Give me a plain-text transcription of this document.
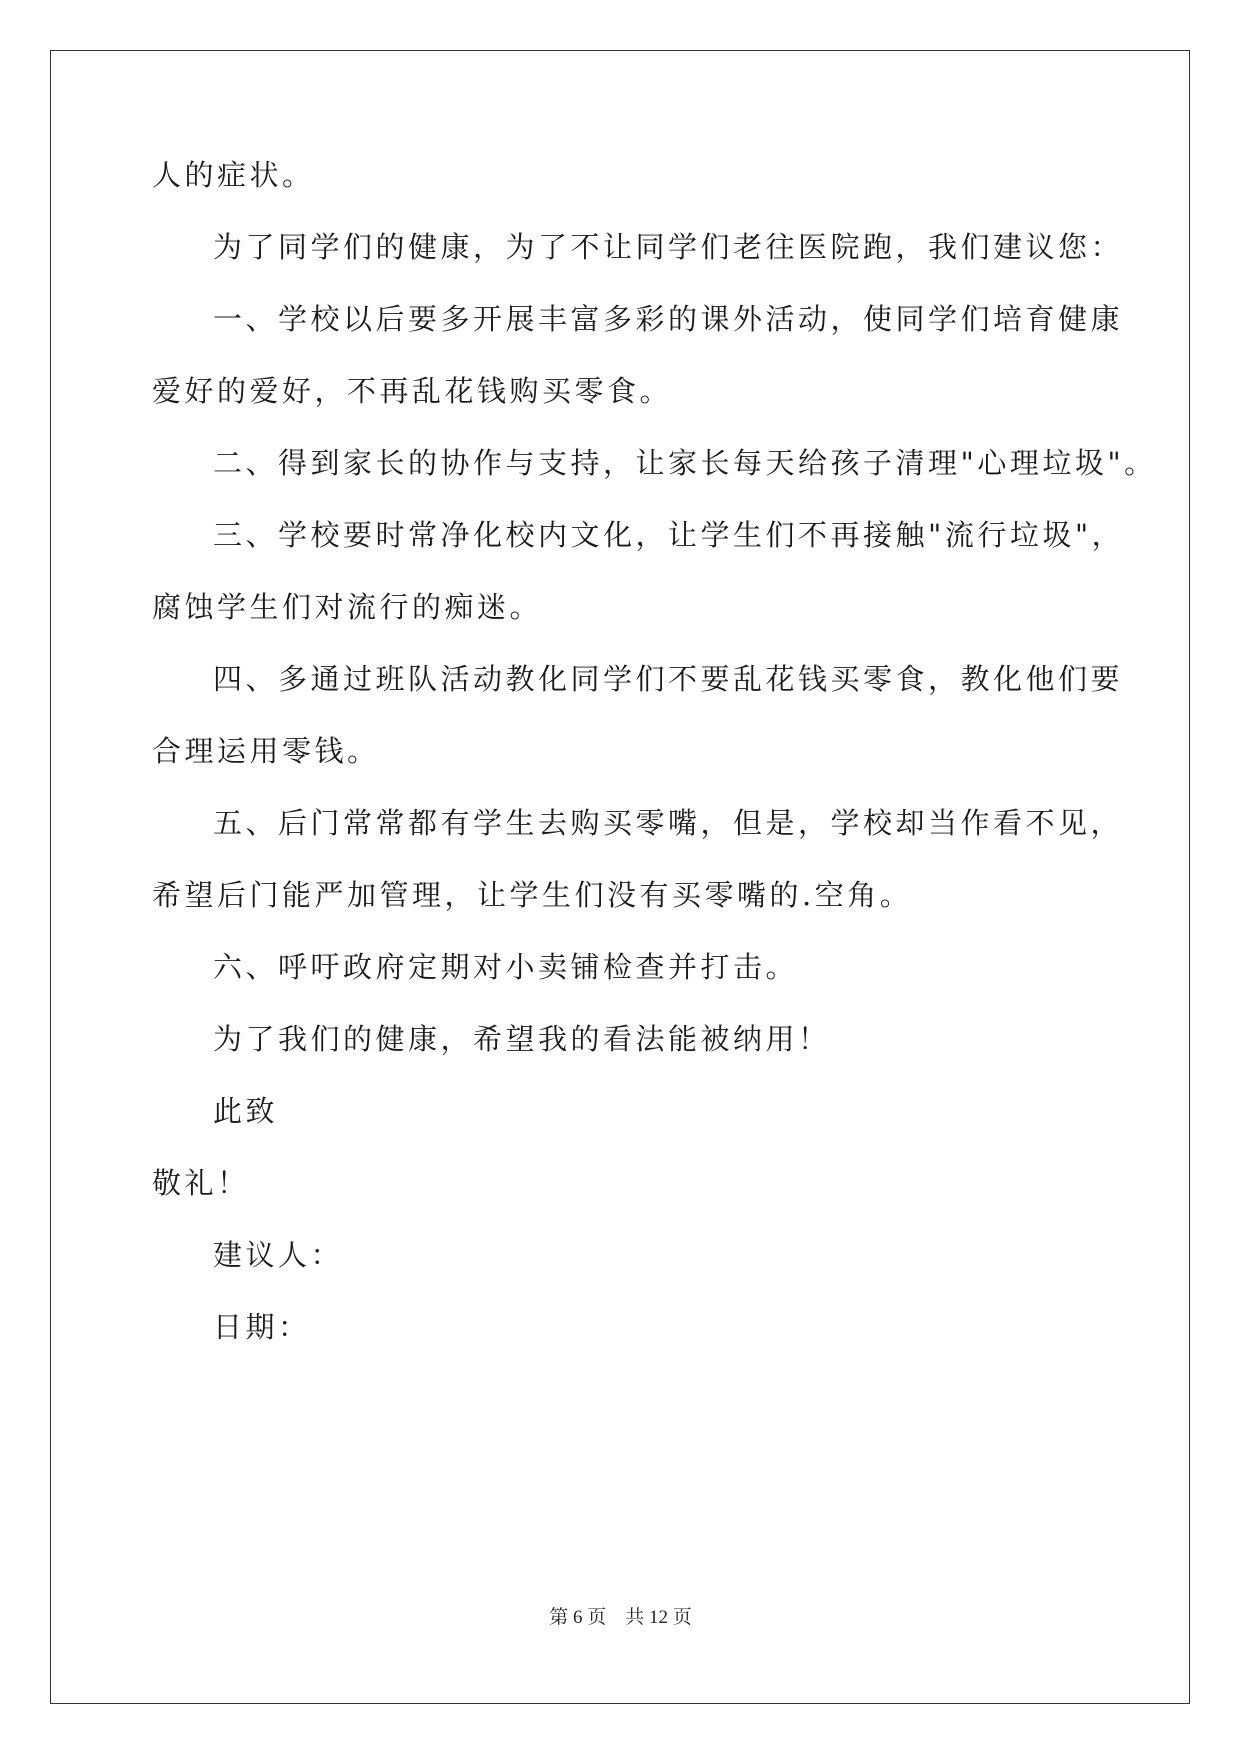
人的症状。
为了同学们的健康，为了不让同学们老往医院跑，我们建议您：
一、学校以后要多开展丰富多彩的课外活动，使同学们培育健康
爱好的爱好，不再乱花钱购买零食。
二、得到家长的协作与支持，让家长每天给孩子清理"心理垃圾"。
三、学校要时常净化校内文化，让学生们不再接触"流行垃圾"，
腐蚀学生们对流行的痴迷。
四、多通过班队活动教化同学们不要乱花钱买零食，教化他们要
合理运用零钱。
五、后门常常都有学生去购买零嘴，但是，学校却当作看不见，
希望后门能严加管理，让学生们没有买零嘴的.空角。
六、呼吁政府定期对小卖铺检查并打击。
为了我们的健康，希望我的看法能被纳用！
此致
敬礼！
建议人：
日期：
第 6 页    共 12 页
